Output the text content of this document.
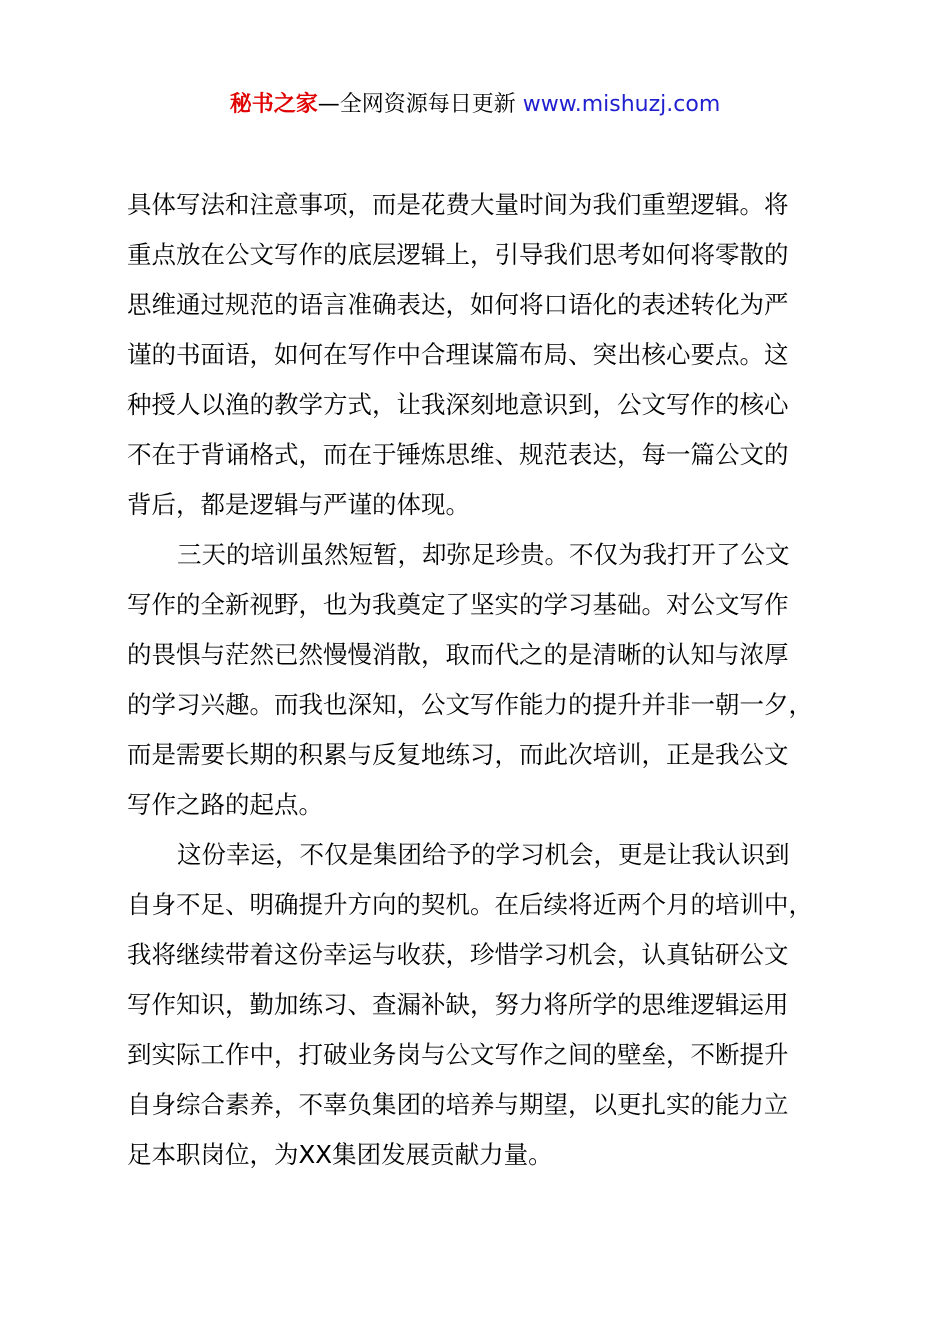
秘书之家—全网资源每日更新 www.mishuzj.com

具体写法和注意事项，而是花费大量时间为我们重塑逻辑。将
重点放在公文写作的底层逻辑上，引导我们思考如何将零散的
思维通过规范的语言准确表达，如何将口语化的表述转化为严
谨的书面语，如何在写作中合理谋篇布局、突出核心要点。这
种授人以渔的教学方式，让我深刻地意识到，公文写作的核心
不在于背诵格式，而在于锤炼思维、规范表达，每一篇公文的
背后，都是逻辑与严谨的体现。

三天的培训虽然短暂，却弥足珍贵。不仅为我打开了公文
写作的全新视野，也为我奠定了坚实的学习基础。对公文写作
的畏惧与茫然已然慢慢消散，取而代之的是清晰的认知与浓厚
的学习兴趣。而我也深知，公文写作能力的提升并非一朝一夕，
而是需要长期的积累与反复地练习，而此次培训，正是我公文
写作之路的起点。

这份幸运，不仅是集团给予的学习机会，更是让我认识到
自身不足、明确提升方向的契机。在后续将近两个月的培训中，
我将继续带着这份幸运与收获，珍惜学习机会，认真钻研公文
写作知识，勤加练习、查漏补缺，努力将所学的思维逻辑运用
到实际工作中，打破业务岗与公文写作之间的壁垒，不断提升
自身综合素养，不辜负集团的培养与期望，以更扎实的能力立
足本职岗位，为XX集团发展贡献力量。
